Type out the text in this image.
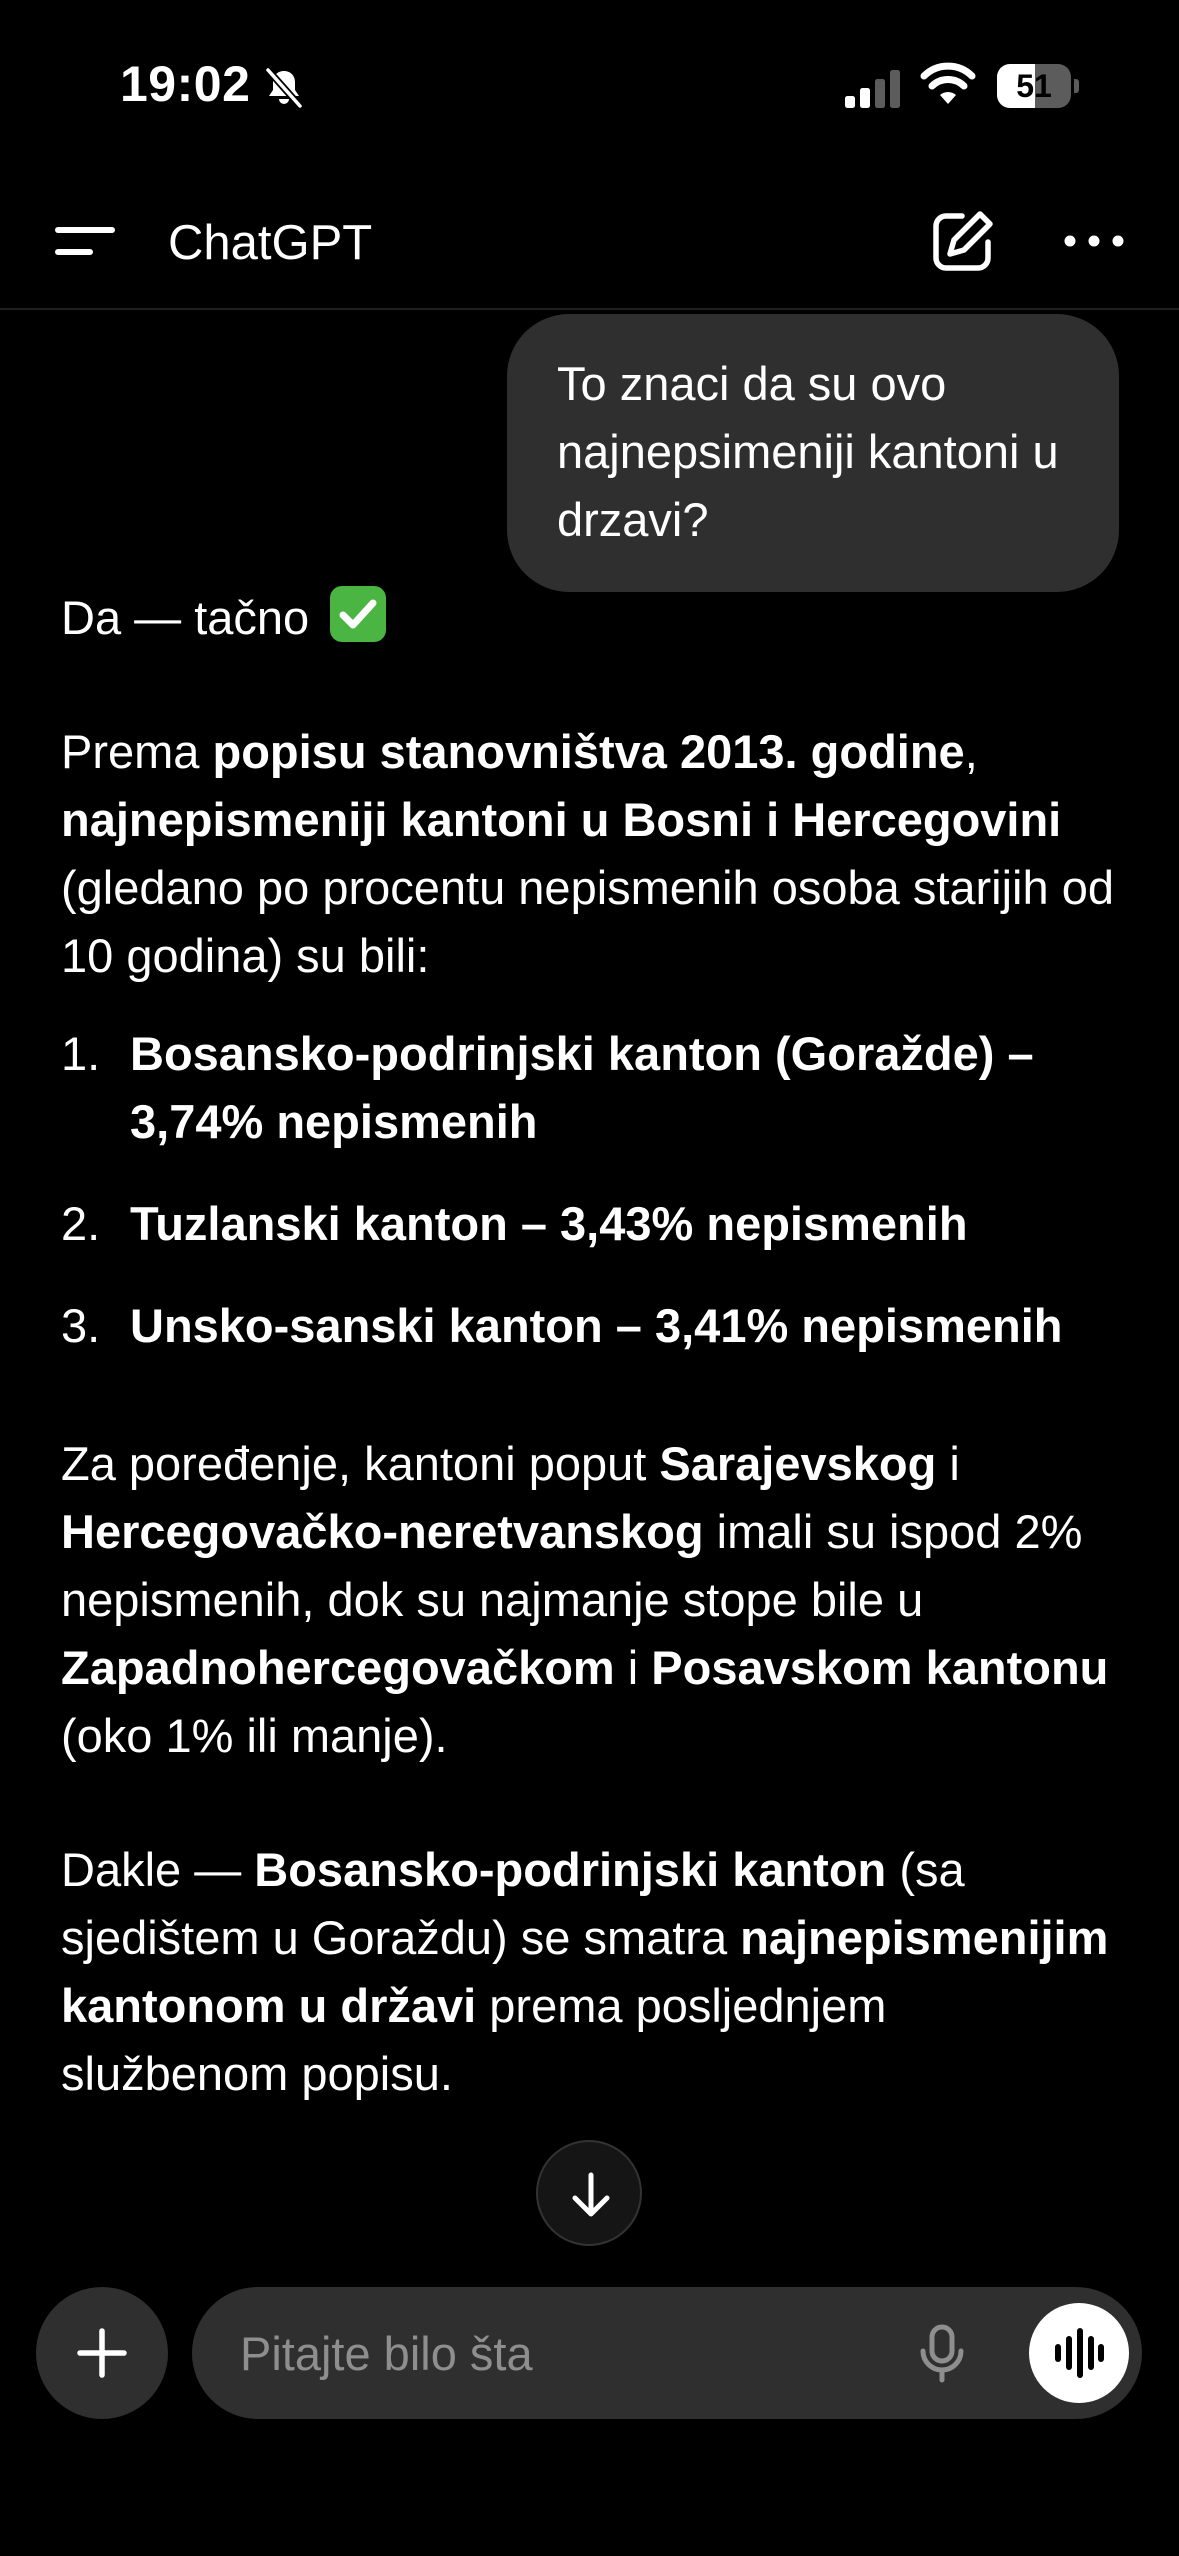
19:02	51
ChatGPT
To znaci da su ovo najnepsimeniji kantoni u drzavi?

Da — tačno

Prema popisu stanovništva 2013. godine, najnepismeniji kantoni u Bosni i Hercegovini (gledano po procentu nepismenih osoba starijih od 10 godina) su bili:

1. Bosansko-podrinjski kanton (Goražde) – 3,74% nepismenih
2. Tuzlanski kanton – 3,43% nepismenih
3. Unsko-sanski kanton – 3,41% nepismenih

Za poređenje, kantoni poput Sarajevskog i Hercegovačko-neretvanskog imali su ispod 2% nepismenih, dok su najmanje stope bile u Zapadnohercegovačkom i Posavskom kantonu (oko 1% ili manje).

Dakle — Bosansko-podrinjski kanton (sa sjedištem u Goraždu) se smatra najnepismenijim kantonom u državi prema posljednjem službenom popisu.

Pitajte bilo šta
